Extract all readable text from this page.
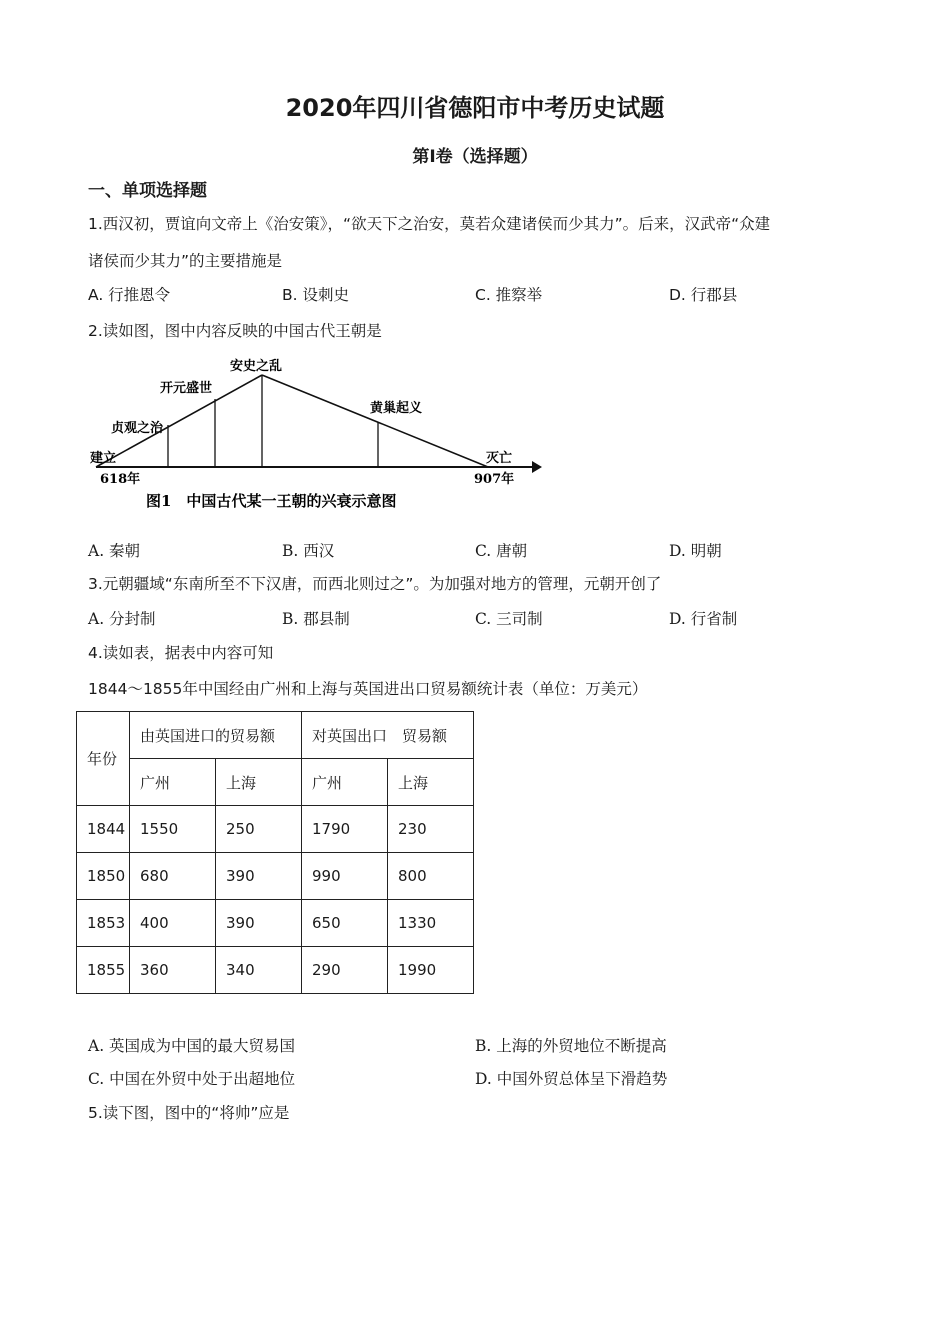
2020年四川省德阳市中考历史试题
第Ⅰ卷（选择题）
一、单项选择题
1.西汉初，贾谊向文帝上《治安策》，“欲天下之治安，莫若众建诸侯而少其力”。后来，汉武帝“众建
诸侯而少其力”的主要措施是
A. 行推恩令	B. 设刺史	C. 推察举	D. 行郡县
2.读如图，图中内容反映的中国古代王朝是
建立
618年
贞观之治
开元盛世
安史之乱
黄巢起义
灭亡
907年
图1　中国古代某一王朝的兴衰示意图
A. 秦朝	B. 西汉	C. 唐朝	D. 明朝
3.元朝疆域“东南所至不下汉唐，而西北则过之”。为加强对地方的管理，元朝开创了
A. 分封制	B. 郡县制	C. 三司制	D. 行省制
4.读如表，据表中内容可知
1844～1855年中国经由广州和上海与英国进出口贸易额统计表（单位：万美元）
年份	由英国进口的贸易额		对英国出口　贸易额	
	广州	上海	广州	上海
1844	1550	250	1790	230
1850	680	390	990	800
1853	400	390	650	1330
1855	360	340	290	1990
A. 英国成为中国的最大贸易国	B. 上海的外贸地位不断提高
C. 中国在外贸中处于出超地位	D. 中国外贸总体呈下滑趋势
5.读下图，图中的“将帅”应是
